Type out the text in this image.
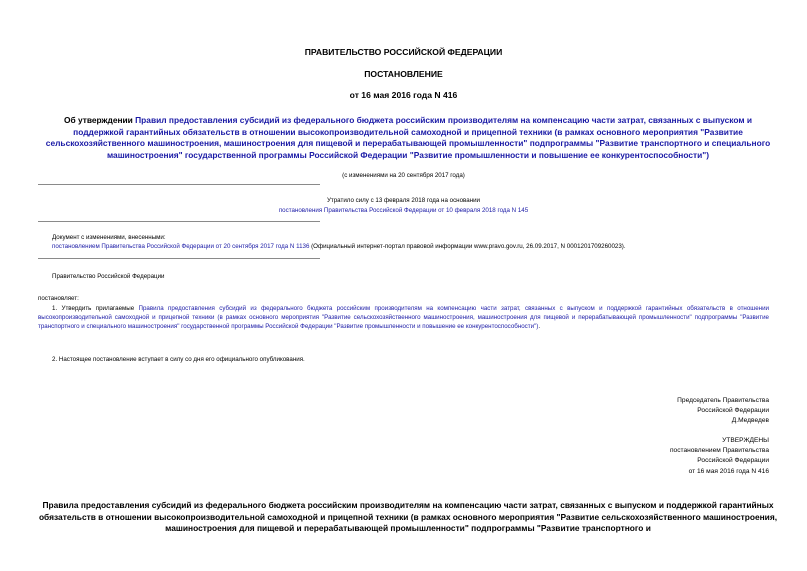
ПРАВИТЕЛЬСТВО РОССИЙСКОЙ ФЕДЕРАЦИИ
ПОСТАНОВЛЕНИЕ
от 16 мая 2016 года N 416
Об утверждении Правил предоставления субсидий из федерального бюджета российским производителям на компенсацию части затрат, связанных с выпуском и поддержкой гарантийных обязательств в отношении высокопроизводительной самоходной и прицепной техники (в рамках основного мероприятия "Развитие сельскохозяйственного машиностроения, машиностроения для пищевой и перерабатывающей промышленности" подпрограммы "Развитие транспортного и специального машиностроения" государственной программы Российской Федерации "Развитие промышленности и повышение ее конкурентоспособности")
(с изменениями на 20 сентября 2017 года)
Утратило силу с 13 февраля 2018 года на основании
постановления Правительства Российской Федерации от 10 февраля 2018 года N 145
Документ с изменениями, внесенными:
постановлением Правительства Российской Федерации от 20 сентября 2017 года N 1136 (Официальный интернет-портал правовой информации www.pravo.gov.ru, 26.09.2017, N 0001201709260023).
Правительство Российской Федерации
постановляет:
1. Утвердить прилагаемые Правила предоставления субсидий из федерального бюджета российским производителям на компенсацию части затрат, связанных с выпуском и поддержкой гарантийных обязательств в отношении высокопроизводительной самоходной и прицепной техники (в рамках основного мероприятия "Развитие сельскохозяйственного машиностроения, машиностроения для пищевой и перерабатывающей промышленности" подпрограммы "Развитие транспортного и специального машиностроения" государственной программы Российской Федерации "Развитие промышленности и повышение ее конкурентоспособности").
2. Настоящее постановление вступает в силу со дня его официального опубликования.
Председатель Правительства
Российской Федерации
Д.Медведев
УТВЕРЖДЕНЫ
постановлением Правительства
Российской Федерации
от 16 мая 2016 года N 416
Правила предоставления субсидий из федерального бюджета российским производителям на компенсацию части затрат, связанных с выпуском и поддержкой гарантийных обязательств в отношении высокопроизводительной самоходной и прицепной техники (в рамках основного мероприятия "Развитие сельскохозяйственного машиностроения, машиностроения для пищевой и перерабатывающей промышленности" подпрограммы "Развитие транспортного и
